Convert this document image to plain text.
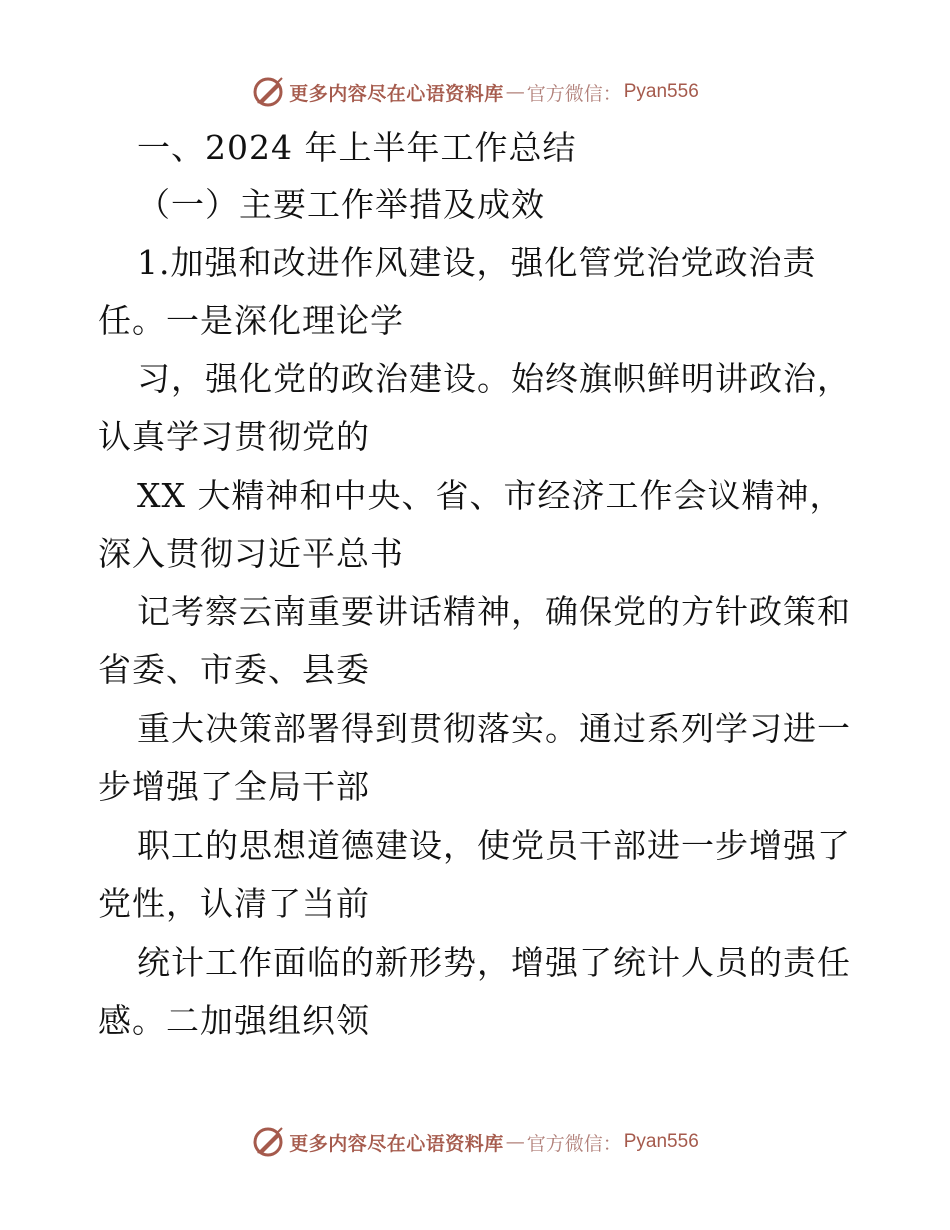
更多内容尽在心语资料库 — 官方微信： Pyan556
一、2024 年上半年工作总结
（一）主要工作举措及成效
1.加强和改进作风建设，强化管党治党政治责
任。一是深化理论学
习，强化党的政治建设。始终旗帜鲜明讲政治，
认真学习贯彻党的
XX 大精神和中央、省、市经济工作会议精神，
深入贯彻习近平总书
记考察云南重要讲话精神，确保党的方针政策和
省委、市委、县委
重大决策部署得到贯彻落实。通过系列学习进一
步增强了全局干部
职工的思想道德建设，使党员干部进一步增强了
党性，认清了当前
统计工作面临的新形势，增强了统计人员的责任
感。二加强组织领
更多内容尽在心语资料库 — 官方微信： Pyan556
